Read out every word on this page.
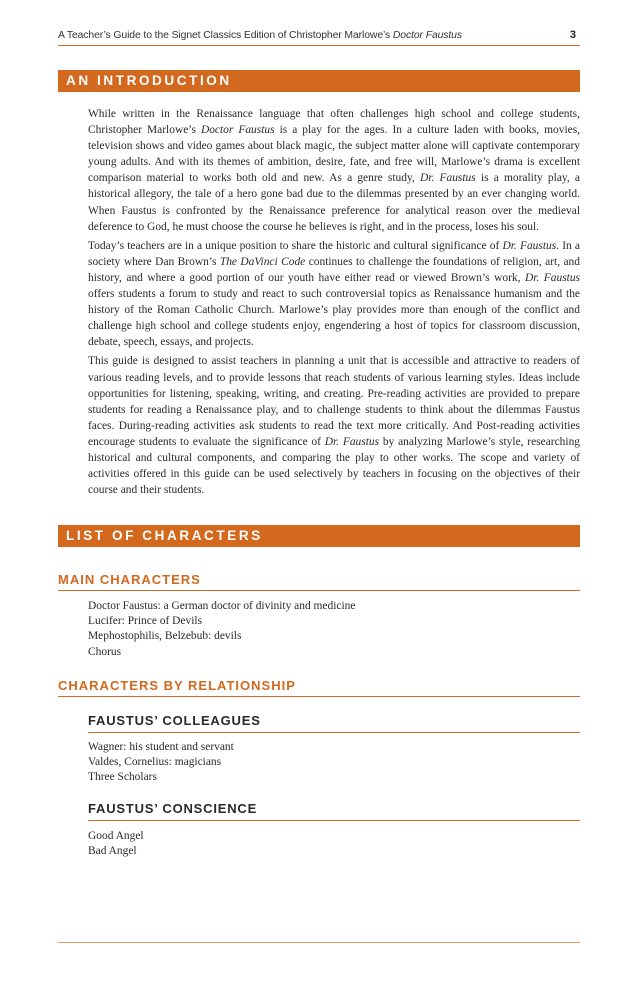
A Teacher’s Guide to the Signet Classics Edition of Christopher Marlowe’s Doctor Faustus	3
AN INTRODUCTION

While written in the Renaissance language that often challenges high school and college students, Christopher Marlowe’s Doctor Faustus is a play for the ages. In a culture laden with books, movies, television shows and video games about black magic, the subject matter alone will captivate contemporary young adults. And with its themes of ambition, desire, fate, and free will, Marlowe’s drama is excellent comparison material to works both old and new. As a genre study, Dr. Faustus is a morality play, a historical allegory, the tale of a hero gone bad due to the dilemmas presented by an ever changing world. When Faustus is confronted by the Renaissance preference for analytical reason over the medieval deference to God, he must choose the course he believes is right, and in the process, loses his soul.

Today’s teachers are in a unique position to share the historic and cultural significance of Dr. Faustus. In a society where Dan Brown’s The DaVinci Code continues to challenge the foundations of religion, art, and history, and where a good portion of our youth have either read or viewed Brown’s work, Dr. Faustus offers students a forum to study and react to such controversial topics as Renaissance humanism and the history of the Roman Catholic Church. Marlowe’s play provides more than enough of the conflict and challenge high school and college students enjoy, engendering a host of topics for classroom discussion, debate, speech, essays, and projects.

This guide is designed to assist teachers in planning a unit that is accessible and attractive to readers of various reading levels, and to provide lessons that reach students of various learning styles. Ideas include opportunities for listening, speaking, writing, and creating. Pre-reading activities are provided to prepare students for reading a Renaissance play, and to challenge students to think about the dilemmas Faustus faces. During-reading activities ask students to read the text more critically. And Post-reading activities encourage students to evaluate the significance of Dr. Faustus by analyzing Marlowe’s style, researching historical and cultural components, and comparing the play to other works. The scope and variety of activities offered in this guide can be used selectively by teachers in focusing on the objectives of their course and their students.

LIST OF CHARACTERS
MAIN CHARACTERS
Doctor Faustus: a German doctor of divinity and medicine
Lucifer: Prince of Devils
Mephostophilis, Belzebub: devils
Chorus
CHARACTERS BY RELATIONSHIP
FAUSTUS’ COLLEAGUES
Wagner: his student and servant
Valdes, Cornelius: magicians
Three Scholars
FAUSTUS’ CONSCIENCE
Good Angel
Bad Angel
